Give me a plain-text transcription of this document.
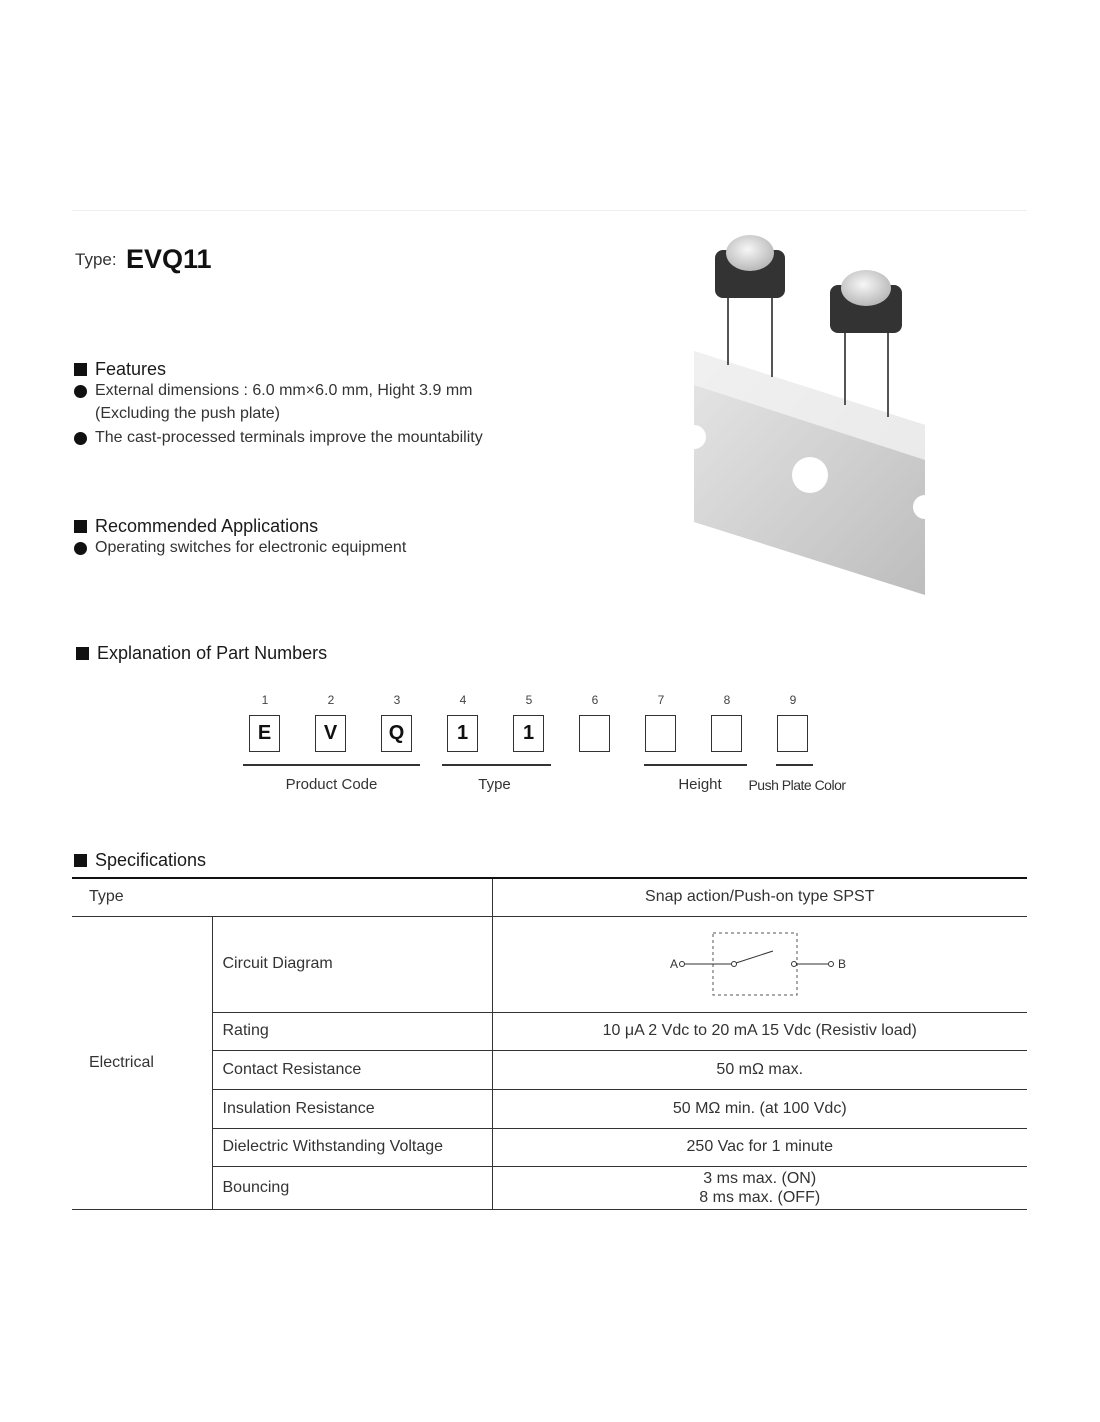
Type: EVQ11
Features
External dimensions : 6.0 mm×6.0 mm, Hight 3.9 mm
(Excluding the push plate)
The cast-processed terminals improve the mountability
Recommended Applications
Operating switches for electronic equipment
Explanation of Part Numbers
1	2	3	4	5	6	7	8	9
E	V	Q	1	1
Product Code	Type	Height	Push Plate Color
Specifications
Type		Snap action/Push-on type SPST
Electrical	Circuit Diagram	A B

	Rating	10 μA 2 Vdc to 20 mA 15 Vdc (Resistiv load)
	Contact Resistance	50 mΩ max.
	Insulation Resistance	50 MΩ min. (at 100 Vdc)
	Dielectric Withstanding Voltage	250 Vac for 1 minute
	Bouncing	3 ms max. (ON)
8 ms max. (OFF)
